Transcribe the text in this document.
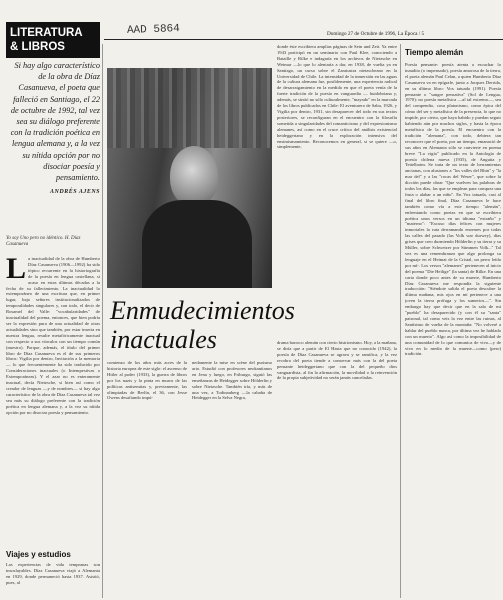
LITERATURA
& LIBROS
AAD 5864	Domingo 27 de Octubre de 1996, La Época / 5
Si hay algo característico de la obra de Díaz Casanueva, el poeta que falleció en Santiago, el 22 de octubre de 1992, tal vez sea su diálogo preferente con la tradición poética en lengua alemana y, a la vez su nítida opción por no disociar poesía y pensamiento.
ANDRÉS AJENS
Yo soy Uno pero no idéntico. H. Díaz Casanueva
L a inactualidad de la obra de Humberto Díaz Casanueva (1906—1992) ha sido tópico recurrente en la historiografía de la poesía en lengua castellana, si acaso en estas últimas décadas a la fecha de su fallecimiento. La inactualidad lo extemporáneo de una escritura que, en primer lugar, bajo señores institucionalizados de temporalidades singulares y, con todo, el decir de Rosamel del Valle: "vocabularidades" de inactualidad del poema, entonces, que bien podría ser la expresión pura de una actualidad de otras actualidades sino que también, por estar inserta en nuestra lengua, resulte metafóricamente inactual con respecto a sus vínculos con un tiempo común (nuestro). Porque, además, el título del primer libro de Díaz Casanueva es el de sus primeros libros: Vigilia por dentro, Invitación a la memoria — lo que frecuentemente ha sido traducido por Consideraciones inactuales (o Intempestivas o Extemporáneas). Y el azar no es enteramente inactual, decía Nietzsche, si bien así como el creador de lenguas —y de nombres— si hay algo característico de la obra de Díaz Casanueva tal vez sea más su diálogo preferente con la tradición poética en lengua alemana y, a la vez su nítida opción por no disociar poesía y pensamiento.
Viajes y estudios
Las experiencias de vida tempranas son insoslayables. Díaz Casanueva viajó a Alemania en 1929, donde permaneció hasta 1937. Asistió, pues, al
Enmudecimientos inactuales
comienzo de los años más acres de la historia europea de este siglo: el ascenso de Hitler al poder (1933), la guerra de libros por los nazis y la pinta en muros de las políticas antisemitas y, previamente, las olimpiadas de Berlín, el 36, con Jesse Owens desafiando impú-
nedamente la mise en scène del purismo ario. Estudió con profesores neokantianos en Jena y luego, en Friburgo, siguió las enseñanzas de Heidegger sobre Hölderlin y sobre Nietzsche. También iría, y más de una vez, a Todtnauberg —la cabaña de Heidegger en la Selva Negra,
donde éste escribiera amplias páginas de Sein und Zeit. Ya entre 1943 participó en un seminario con Paul Klee, conociendo a Bataille y Rilke e indagaría en los archivos de Nietzsche en Weimar —lo que lo alentaría a dar, en 1938, de vuelta ya en Santiago, un curso sobre el Zaratustra nietzscheano en la Universidad de Chile. La intensidad de la inmersión en las aguas de la cultura alemana fue, posiblemente, una experiencia radical de desarraigamiento en la medida en que el poeta venía de la fuerte tradición de la poesía en vanguardia — huidobriana y, además, se sintió no sólo culturalmente, "mayado" en la marcada de los libros publicados en Chile: El aventurero de Saba, 1926, y Vigilia por dentro, 1931, sin desaparecer del todo en sus textos posteriores, se reconfiguran en el encuentro con la filosofía sometida a singularidades del romanticismo y del expresionismo alemanes, así como en el cruce crítico del análisis existencial heideggeriano y en la exploración intensiva del ensimismamiento. Reconocemos en general, si se quiere —o, simplemente,
drama barroco alemán con cierto histrionismo. Hoy, a la mañana, se diría que a partir de El Hasta que no conocido (1942), la poesía de Díaz Casanueva se agrava y se ramifica, y la vez recobra del poeta tiende a conservar más con la del poeta pensante heideggeriano que con la del pequeño dios vanguardista, al fin la afirmación, la movilidad o la reinvención de la propia subjetividad no serán jamás canceladas.
Tiempo alemán
Poesía pensante: poesía atenta a escuchar lo inaudito (o impensado), poesía amorosa de la tierra, el poeta alemán Paul Celan, a quien Humberto Díaz Casanueva va en epígrafe, junto a Jacques Derrida, en su último libro: Vox tatuada (1991). Poesía pensante o "sangre pensativa" (Sol de Lengua, 1970): no poesía metafísica —al tal extremo—, sea del compendio, cosa platonismo, como épica del cómo del ser y metafísica de la presencia, lo que no impide, por cierto, que haya habido y puedan seguir habiendo aún por muchos siglos, y hasta la época metafísica de la poesía. El encuentro con la tradición "alemana", con todo, debiera tan reconocer que el poeta, por un tiempo, emanació de sus años en Alemania sólo se convierte en poema breve "La vigía" publicado en la Antología de poesía chilena nueva (1935), de Anguita y Teitelboim. Se trata de un texto de herramientas ancianas, con alusiones a "los valles del Rhin" y "la mar del" y a las "rocas del Weser", que sobre la dicción puede obrar "Que vuelven las palabras de todos los días, las que se emplean para comprar una fruta o alabar a un niño". En Vox tatuada, casi al final del libro final, Díaz Casanueva le hace también como vía a este tiempo "alemán", enfrentando como poetas en que se escribiera poética unos versos en un idioma "extraño" y "materno": "Excuso días felices con mujeres inmortales la ruta derramando enormes por todas las calles del pasado (las Volk war durwey), días grises que creo durmiendo Hölderlin y su tierra y su Müller, sobre Schweizer por Stimmen Volk..." Tal vez es una remembranza que algo prolonga su lenguaje en el Heimat de la Cristal, un perro leído por mí-. Los versos "alemanes" pertenecen al inicio del poema "Die Heilige" (la santa) de Rilke. En una carta donde poco antes de su muerte, Humberto Díaz Casanueva me respondía la siguiente traducción: "Siéndote salida el poeta descubre la última mañana, mis ojos en mí pertenece a una joven la tierra prófuga y los sumerios—". Sin embargo hay que decir que en la sala de mi "pueblo" ha desaparecido (y con él su "santa" patronal, tal como veis la vez entre las ruinas, al Santísimo de vuelta de la montaña: "No volveré a hablar del pueblo nunca, por última vez he hablado con un muerto". Algo así como la imposibilidad de una comunidad de lo que comunica de vivo—y de vivo en lo medio de la muerte—como (pero) tradición.
